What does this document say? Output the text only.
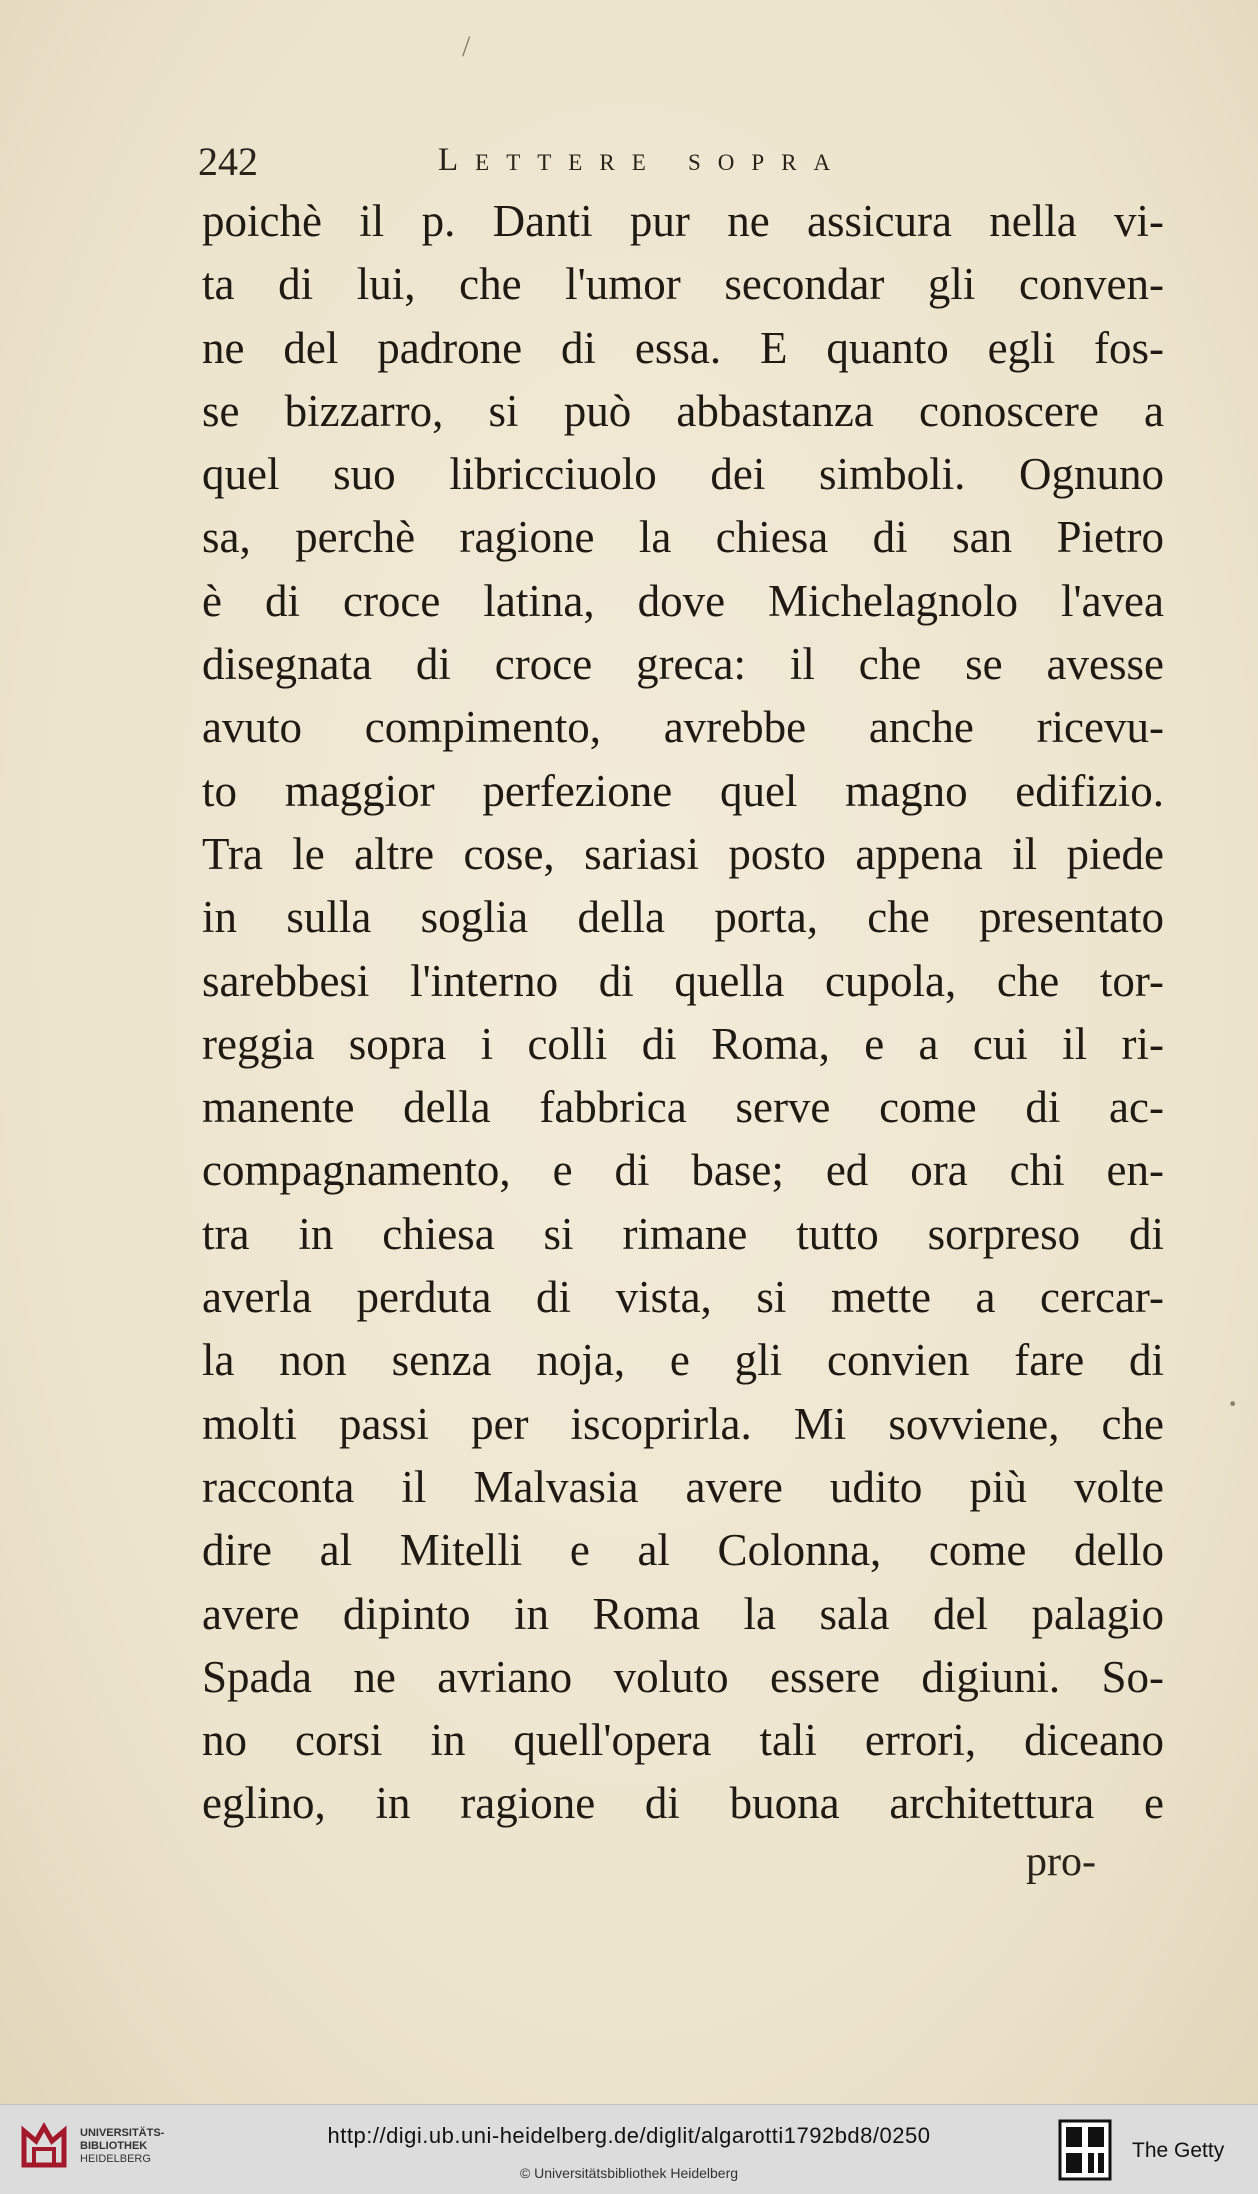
/
242	Lettere sopra
poichè il p. Danti pur ne assicura nella vi-
ta di lui, che l'umor secondar gli conven-
ne del padrone di essa. E quanto egli fos-
se bizzarro, si può abbastanza conoscere a
quel suo libricciuolo dei simboli. Ognuno
sa, perchè ragione la chiesa di san Pietro
è di croce latina, dove Michelagnolo l'avea
disegnata di croce greca: il che se avesse
avuto compimento, avrebbe anche ricevu-
to maggior perfezione quel magno edifizio.
Tra le altre cose, sariasi posto appena il piede
in sulla soglia della porta, che presentato
sarebbesi l'interno di quella cupola, che tor-
reggia sopra i colli di Roma, e a cui il ri-
manente della fabbrica serve come di ac-
compagnamento, e di base; ed ora chi en-
tra in chiesa si rimane tutto sorpreso di
averla perduta di vista, si mette a cercar-
la non senza noja, e gli convien fare di
molti passi per iscoprirla. Mi sovviene, che
racconta il Malvasia avere udito più volte
dire al Mitelli e al Colonna, come dello
avere dipinto in Roma la sala del palagio
Spada ne avriano voluto essere digiuni. So-
no corsi in quell'opera tali errori, diceano
eglino, in ragione di buona architettura e
pro-
·
UNIVERSITÄTS-
BIBLIOTHEK
HEIDELBERG
http://digi.ub.uni-heidelberg.de/diglit/algarotti1792bd8/0250
© Universitätsbibliothek Heidelberg
The Getty
